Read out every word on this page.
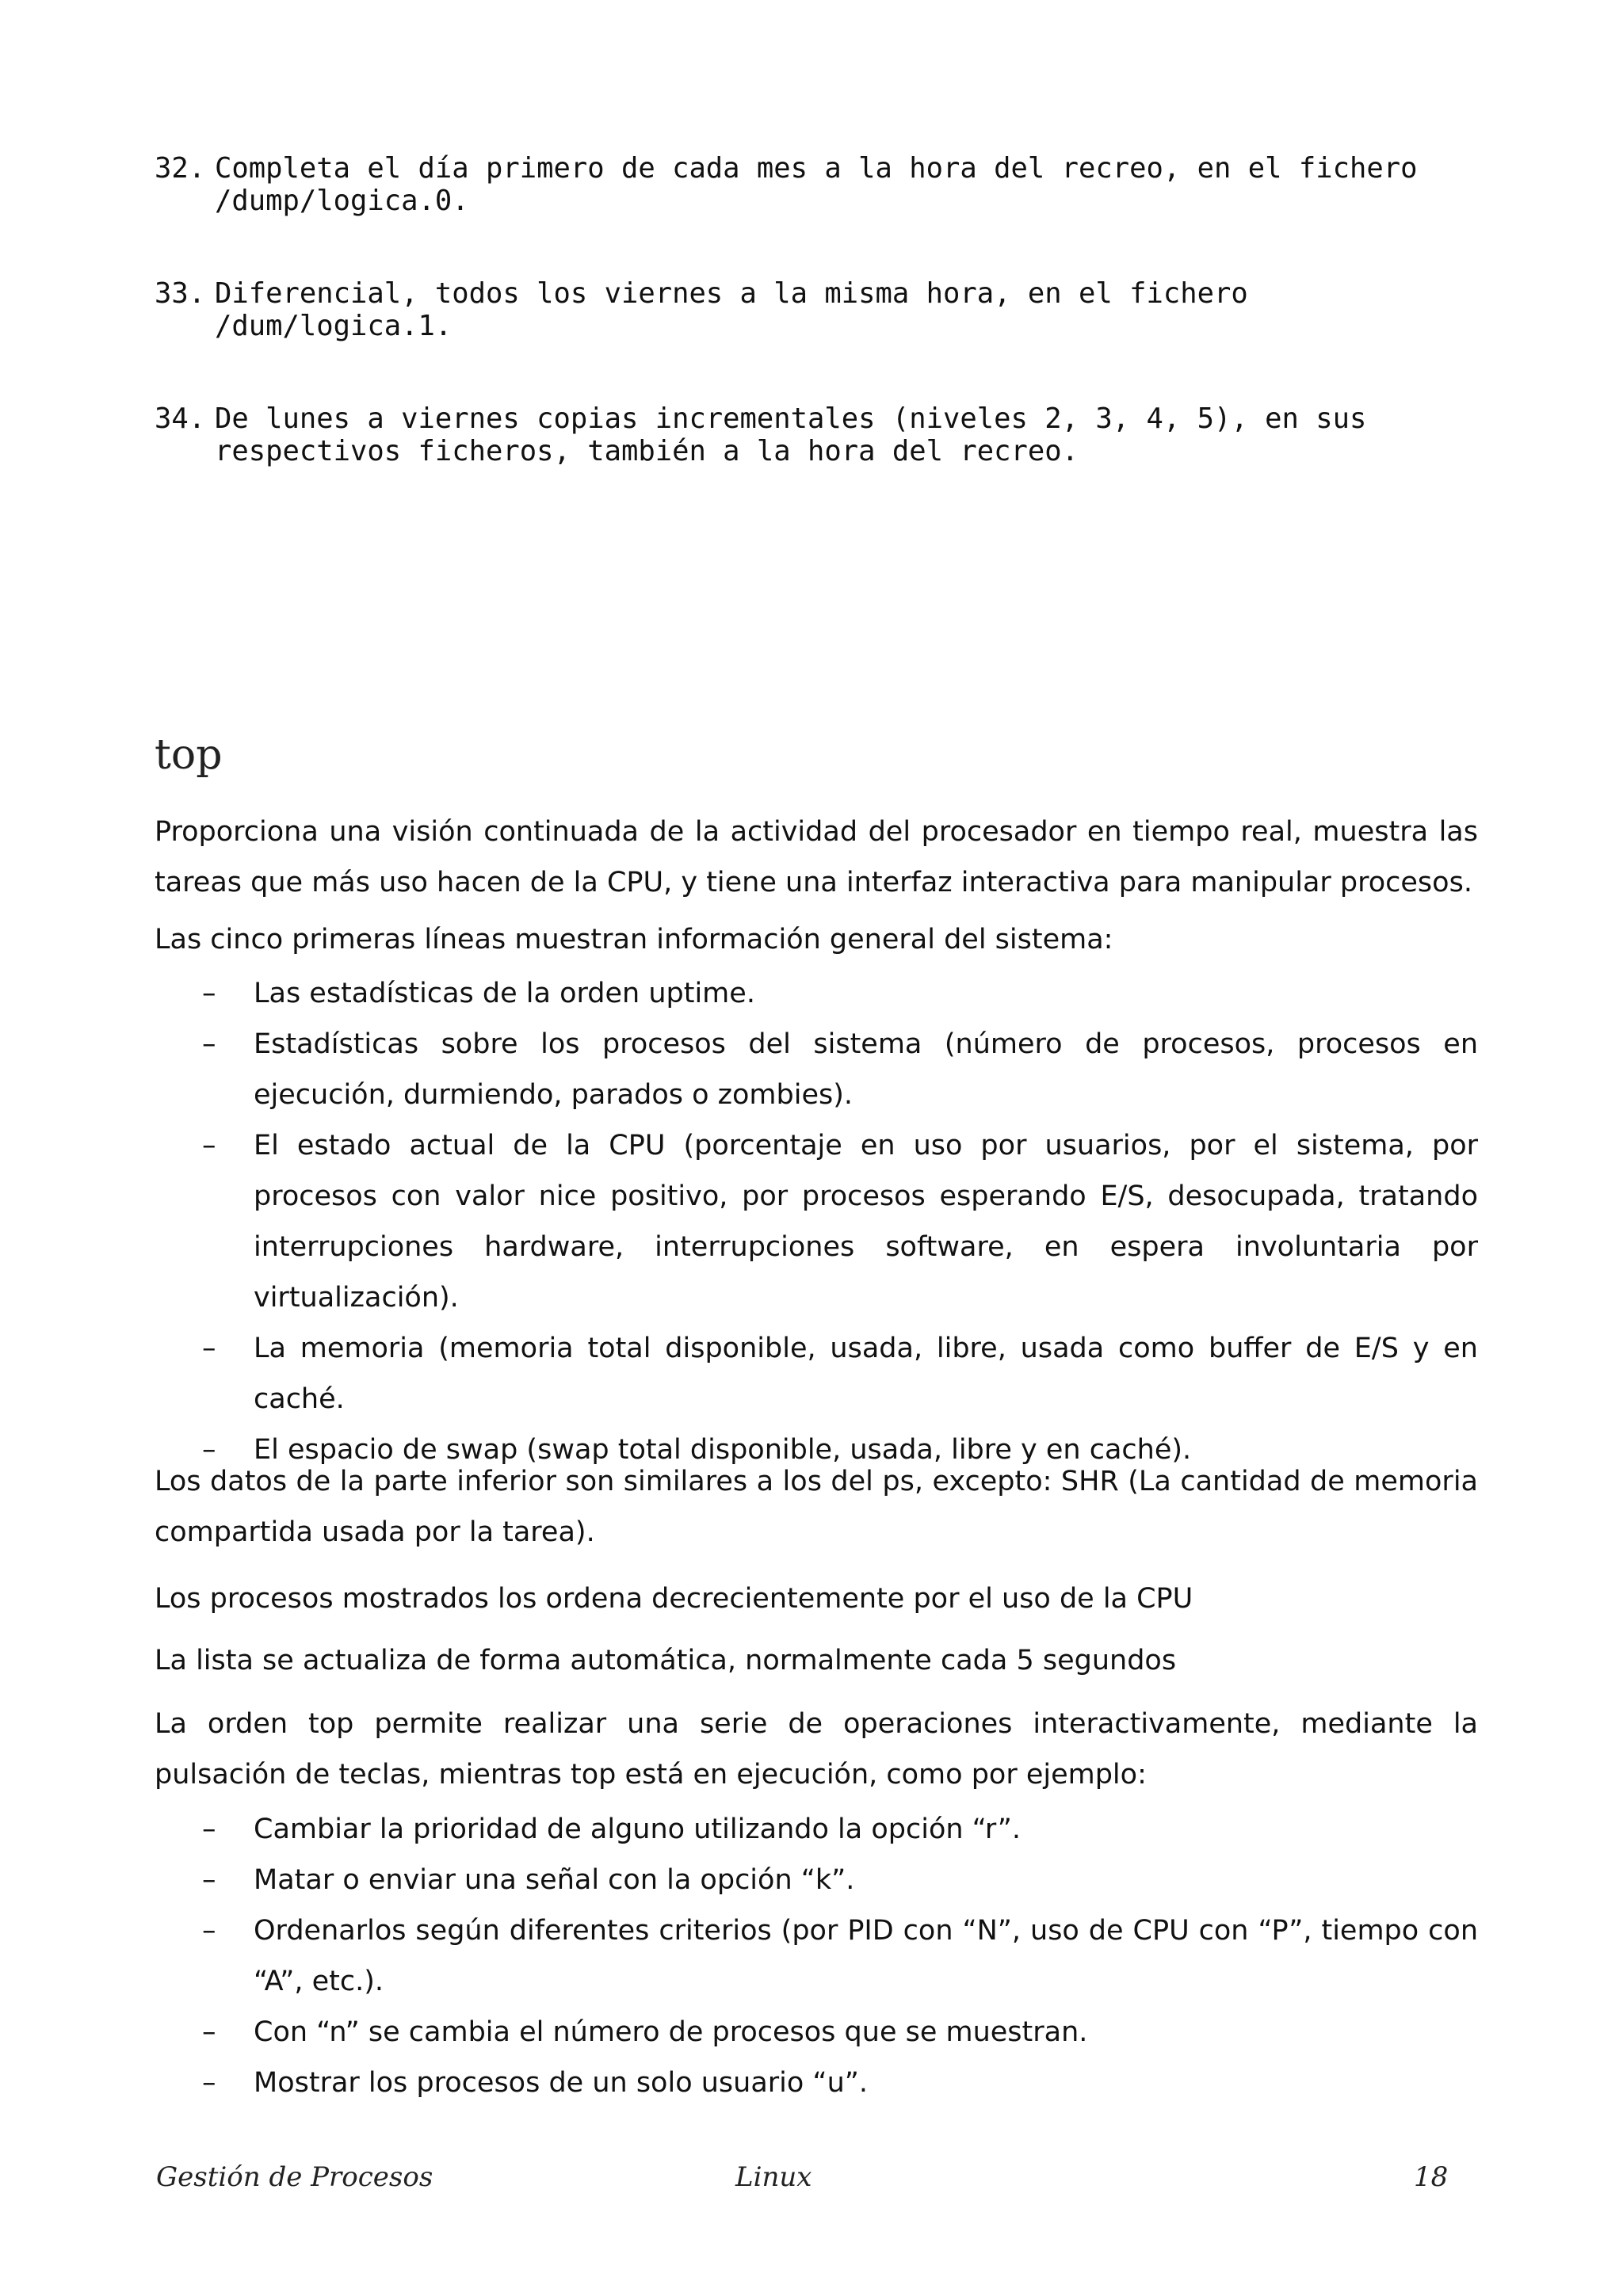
32. Completa el día primero de cada mes a la hora del recreo, en el fichero /dump/logica.0.
33. Diferencial, todos los viernes a la misma hora, en el fichero /dum/logica.1.
34. De lunes a viernes copias incrementales (niveles 2, 3, 4, 5), en sus respectivos ficheros, también a la hora del recreo.
top

Proporciona una visión continuada de la actividad del procesador en tiempo real, muestra las tareas que más uso hacen de la CPU, y tiene una interfaz interactiva para manipular procesos.

Las cinco primeras líneas muestran información general del sistema:

– Las estadísticas de la orden uptime.
– Estadísticas sobre los procesos del sistema (número de procesos, procesos en ejecución, durmiendo, parados o zombies).
– El estado actual de la CPU (porcentaje en uso por usuarios, por el sistema, por procesos con valor nice positivo, por procesos esperando E/S, desocupada, tratando interrupciones hardware, interrupciones software, en espera involuntaria por virtualización).
– La memoria (memoria total disponible, usada, libre, usada como buffer de E/S y en caché.
– El espacio de swap (swap total disponible, usada, libre y en caché).

Los datos de la parte inferior son similares a los del ps, excepto: SHR (La cantidad de memoria compartida usada por la tarea).

Los procesos mostrados los ordena decrecientemente por el uso de la CPU

La lista se actualiza de forma automática, normalmente cada 5 segundos

La orden top permite realizar una serie de operaciones interactivamente, mediante la pulsación de teclas, mientras top está en ejecución, como por ejemplo:

– Cambiar la prioridad de alguno utilizando la opción “r”.
– Matar o enviar una señal con la opción “k”.
– Ordenarlos según diferentes criterios (por PID con “N”, uso de CPU con “P”, tiempo con “A”, etc.).
– Con “n” se cambia el número de procesos que se muestran.
– Mostrar los procesos de un solo usuario “u”.
Gestión de Procesos	Linux	18
